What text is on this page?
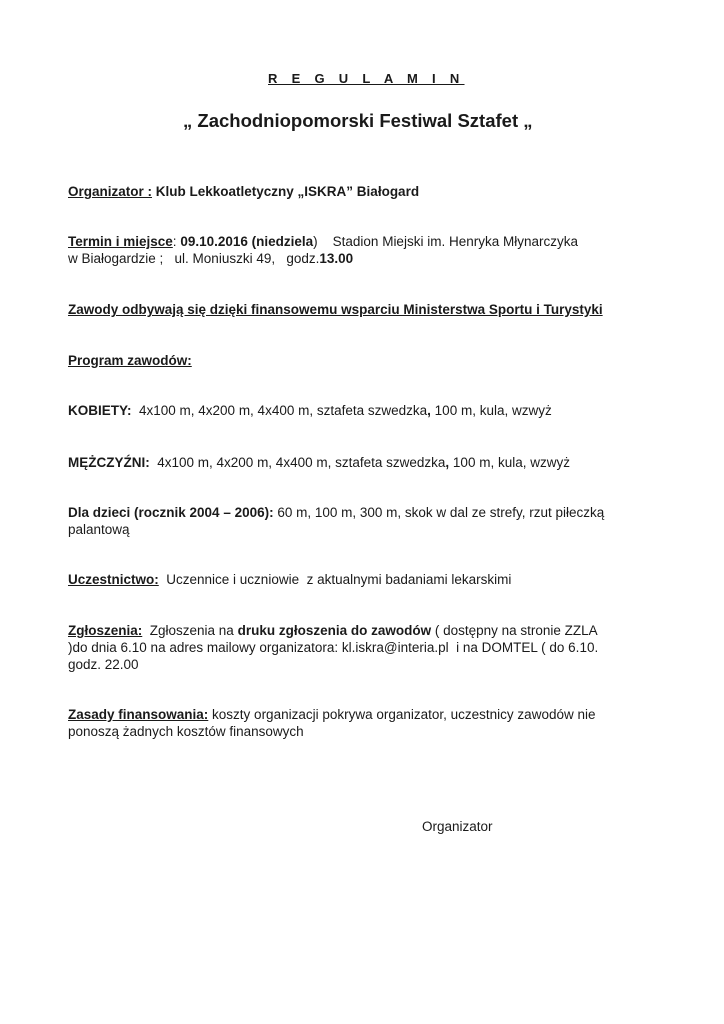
R E G U L A M I N
„ Zachodniopomorski Festiwal Sztafet „
Organizator : Klub Lekkoatletyczny „ISKRA” Białogard
Termin i miejsce: 09.10.2016 (niedziela)    Stadion Miejski im. Henryka Młynarczyka
w Białogardzie ;   ul. Moniuszki 49,   godz.13.00
Zawody odbywają się dzięki finansowemu wsparciu Ministerstwa Sportu i Turystyki
Program zawodów:
KOBIETY:  4x100 m, 4x200 m, 4x400 m, sztafeta szwedzka, 100 m, kula, wzwyż
MĘŻCZYŹNI:  4x100 m, 4x200 m, 4x400 m, sztafeta szwedzka, 100 m, kula, wzwyż
Dla dzieci (rocznik 2004 – 2006): 60 m, 100 m, 300 m, skok w dal ze strefy, rzut piłeczką
palantową
Uczestnictwo:  Uczennice i uczniowie  z aktualnymi badaniami lekarskimi
Zgłoszenia:  Zgłoszenia na druku zgłoszenia do zawodów ( dostępny na stronie ZZLA
)do dnia 6.10 na adres mailowy organizatora: kl.iskra@interia.pl  i na DOMTEL ( do 6.10.
godz. 22.00
Zasady finansowania: koszty organizacji pokrywa organizator, uczestnicy zawodów nie
ponoszą żadnych kosztów finansowych
Organizator
